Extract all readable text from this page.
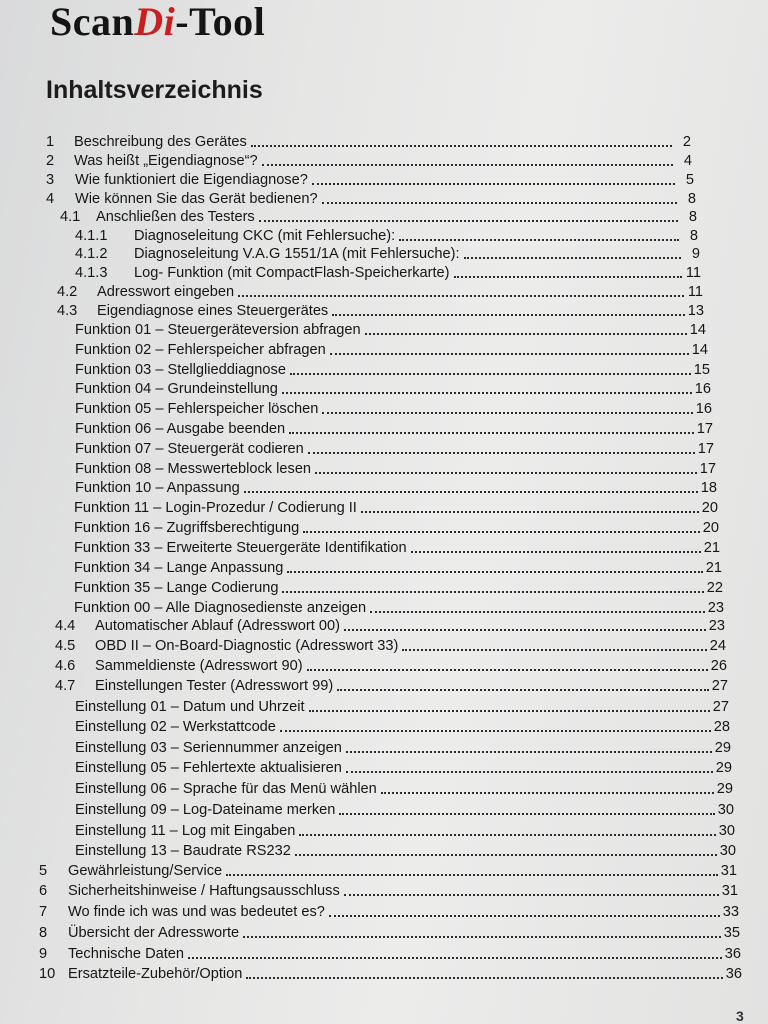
ScanDi-Tool
Inhaltsverzeichnis
1	Beschreibung des Gerätes	2
2	Was heißt „Eigendiagnose“?	4
3	Wie funktioniert die Eigendiagnose?	5
4	Wie können Sie das Gerät bedienen?	8
4.1	Anschließen des Testers	8
4.1.1	Diagnoseleitung CKC (mit Fehlersuche):	8
4.1.2	Diagnoseleitung V.A.G 1551/1A (mit Fehlersuche):	9
4.1.3	Log- Funktion (mit CompactFlash-Speicherkarte)	11
4.2	Adresswort eingeben	11
4.3	Eigendiagnose eines Steuergerätes	13
Funktion 01 – Steuergeräteversion abfragen	14
Funktion 02 – Fehlerspeicher abfragen	14
Funktion 03 – Stellglieddiagnose	15
Funktion 04 – Grundeinstellung	16
Funktion 05 – Fehlerspeicher löschen	16
Funktion 06 – Ausgabe beenden	17
Funktion 07 – Steuergerät codieren	17
Funktion 08 – Messwerteblock lesen	17
Funktion 10 – Anpassung	18
Funktion 11 – Login-Prozedur / Codierung II	20
Funktion 16 – Zugriffsberechtigung	20
Funktion 33 – Erweiterte Steuergeräte Identifikation	21
Funktion 34 – Lange Anpassung	21
Funktion 35 – Lange Codierung	22
Funktion 00 – Alle Diagnosedienste anzeigen	23
4.4	Automatischer Ablauf (Adresswort 00)	23
4.5	OBD II – On-Board-Diagnostic (Adresswort 33)	24
4.6	Sammeldienste (Adresswort 90)	26
4.7	Einstellungen Tester (Adresswort 99)	27
Einstellung 01 – Datum und Uhrzeit	27
Einstellung 02 – Werkstattcode	28
Einstellung 03 – Seriennummer anzeigen	29
Einstellung 05 – Fehlertexte aktualisieren	29
Einstellung 06 – Sprache für das Menü wählen	29
Einstellung 09 – Log-Dateiname merken	30
Einstellung 11 – Log mit Eingaben	30
Einstellung 13 – Baudrate RS232	30
5	Gewährleistung/Service	31
6	Sicherheitshinweise / Haftungsausschluss	31
7	Wo finde ich was und was bedeutet es?	33
8	Übersicht der Adressworte	35
9	Technische Daten	36
10 Ersatzteile-Zubehör/Option	36
3
